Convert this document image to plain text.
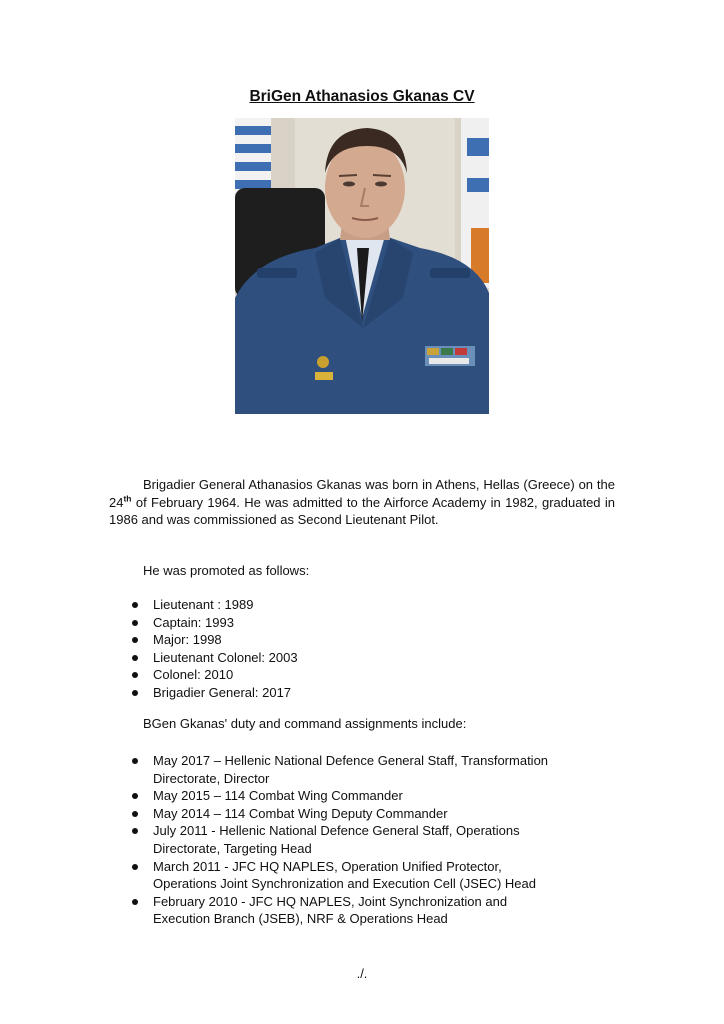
BriGen Athanasios Gkanas CV
Brigadier General Athanasios Gkanas was born in Athens, Hellas (Greece) on the 24th of February 1964. He was admitted to the Airforce Academy in 1982, graduated in 1986 and was commissioned as Second Lieutenant Pilot.
He was promoted as follows:
Lieutenant : 1989
Captain: 1993
Major: 1998
Lieutenant Colonel: 2003
Colonel: 2010
Brigadier General: 2017
BGen Gkanas' duty and command assignments include:
May 2017 – Hellenic National Defence General Staff, Transformation
Directorate, Director
May 2015 – 114 Combat Wing Commander
May 2014 – 114 Combat Wing Deputy Commander
July 2011 - Hellenic National Defence General Staff, Operations
Directorate, Targeting Head
March 2011 - JFC HQ NAPLES, Operation Unified Protector,
Operations Joint Synchronization and Execution Cell (JSEC) Head
February 2010 - JFC HQ NAPLES, Joint Synchronization and
Execution Branch (JSEB), NRF & Operations Head
./.
